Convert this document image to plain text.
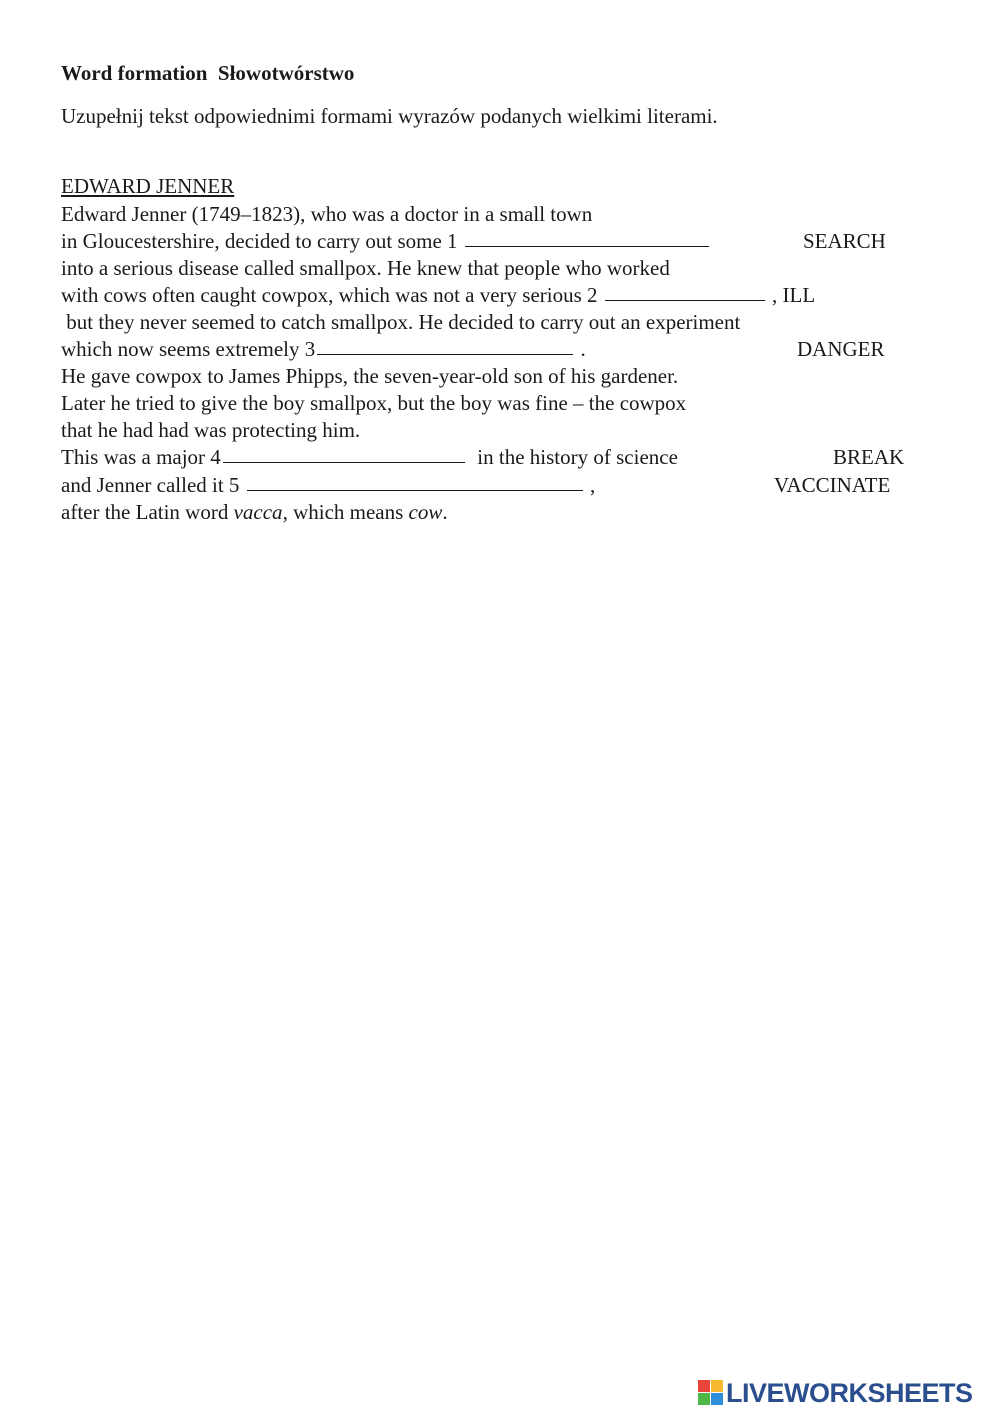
Word formation  Słowotwórstwo
Uzupełnij tekst odpowiednimi formami wyrazów podanych wielkimi literami.
EDWARD JENNER
Edward Jenner (1749–1823), who was a doctor in a small town
in Gloucestershire, decided to carry out some 1	SEARCH
into a serious disease called smallpox. He knew that people who worked
with cows often caught cowpox, which was not a very serious 2	, ILL
but they never seemed to catch smallpox. He decided to carry out an experiment
which now seems extremely 3	.	DANGER
He gave cowpox to James Phipps, the seven-year-old son of his gardener.
Later he tried to give the boy smallpox, but the boy was fine – the cowpox
that he had had was protecting him.
This was a major 4	in the history of science	BREAK
and Jenner called it 5	,	VACCINATE
after the Latin word vacca, which means cow.
LIVEWORKSHEETS
